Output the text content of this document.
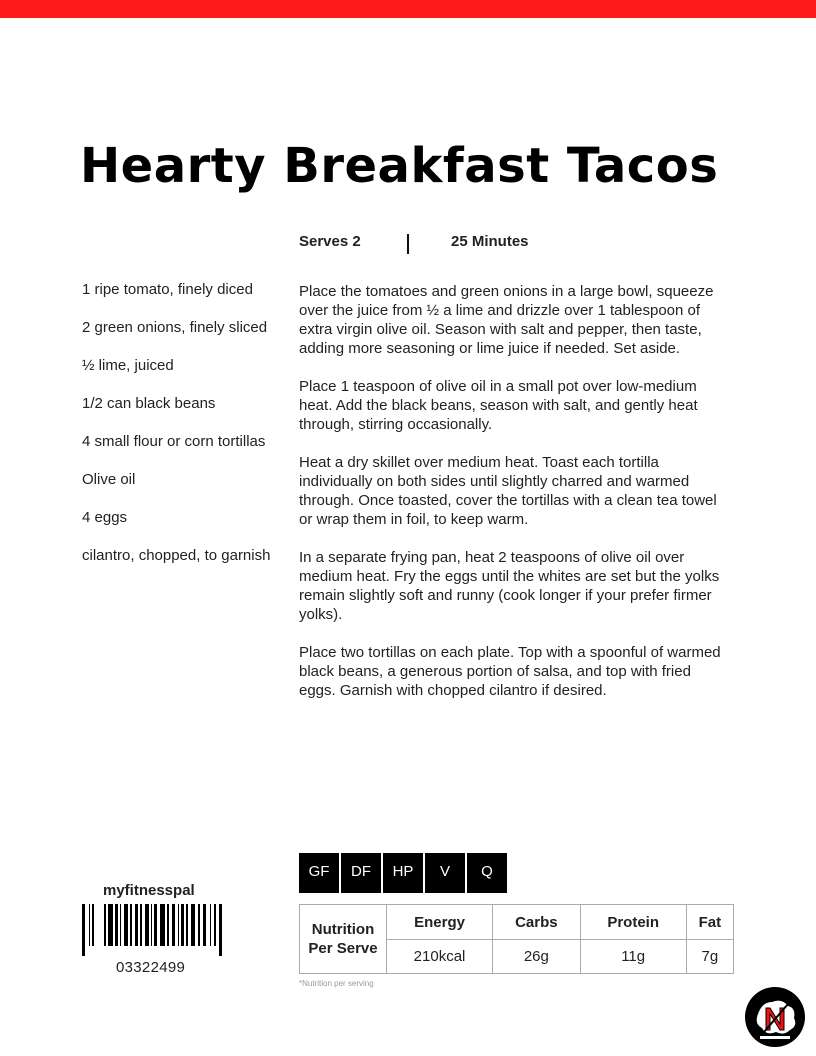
Hearty Breakfast Tacos
Serves 2	25 Minutes
1 ripe tomato, finely diced
2 green onions, finely sliced
½ lime, juiced
1/2 can black beans
4 small flour or corn tortillas
Olive oil
4 eggs
cilantro, chopped, to garnish

Place the tomatoes and green onions in a large bowl, squeeze over the juice from ½ a lime and drizzle over 1 tablespoon of extra virgin olive oil. Season with salt and pepper, then taste, adding more seasoning or lime juice if needed. Set aside.

Place 1 teaspoon of olive oil in a small pot over low-medium heat. Add the black beans, season with salt, and gently heat through, stirring occasionally.

Heat a dry skillet over medium heat. Toast each tortilla individually on both sides until slightly charred and warmed through. Once toasted, cover the tortillas with a clean tea towel or wrap them in foil, to keep warm.

In a separate frying pan, heat 2 teaspoons of olive oil over medium heat. Fry the eggs until the whites are set but the yolks remain slightly soft and runny (cook longer if your prefer firmer yolks).

Place two tortillas on each plate. Top with a spoonful of warmed black beans, a generous portion of salsa, and top with fried eggs. Garnish with chopped cilantro if desired.

GF	DF	HP	V	Q
Nutrition
Per Serve	Energy	Carbs	Protein	Fat
	210kcal	26g	11g	7g
*Nutrition per serving
myfitnesspal
03322499
